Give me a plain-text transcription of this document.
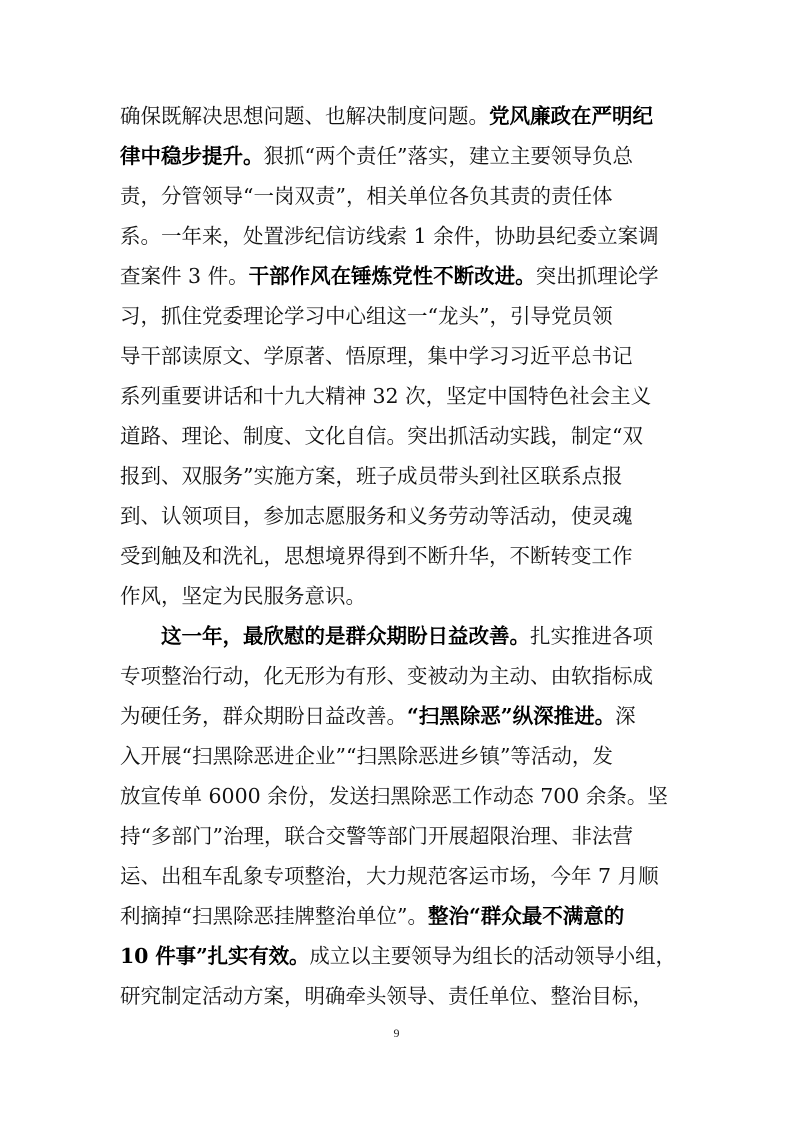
确保既解决思想问题、也解决制度问题。党风廉政在严明纪
律中稳步提升。狠抓“两个责任”落实，建立主要领导负总
责，分管领导“一岗双责”，相关单位各负其责的责任体
系。一年来，处置涉纪信访线索 1 余件，协助县纪委立案调
查案件 3 件。干部作风在锤炼党性不断改进。突出抓理论学
习，抓住党委理论学习中心组这一“龙头”，引导党员领
导干部读原文、学原著、悟原理，集中学习习近平总书记
系列重要讲话和十九大精神 32 次，坚定中国特色社会主义
道路、理论、制度、文化自信。突出抓活动实践，制定“双
报到、双服务”实施方案，班子成员带头到社区联系点报
到、认领项目，参加志愿服务和义务劳动等活动，使灵魂
受到触及和洗礼，思想境界得到不断升华，不断转变工作
作风，坚定为民服务意识。
这一年，最欣慰的是群众期盼日益改善。扎实推进各项
专项整治行动，化无形为有形、变被动为主动、由软指标成
为硬任务，群众期盼日益改善。“扫黑除恶”纵深推进。深
入开展“扫黑除恶进企业”“扫黑除恶进乡镇”等活动，发
放宣传单 6000 余份，发送扫黑除恶工作动态 700 余条。坚
持“多部门”治理，联合交警等部门开展超限治理、非法营
运、出租车乱象专项整治，大力规范客运市场，今年 7 月顺
利摘掉“扫黑除恶挂牌整治单位”。整治“群众最不满意的
10 件事”扎实有效。成立以主要领导为组长的活动领导小组，
研究制定活动方案，明确牵头领导、责任单位、整治目标，
9
